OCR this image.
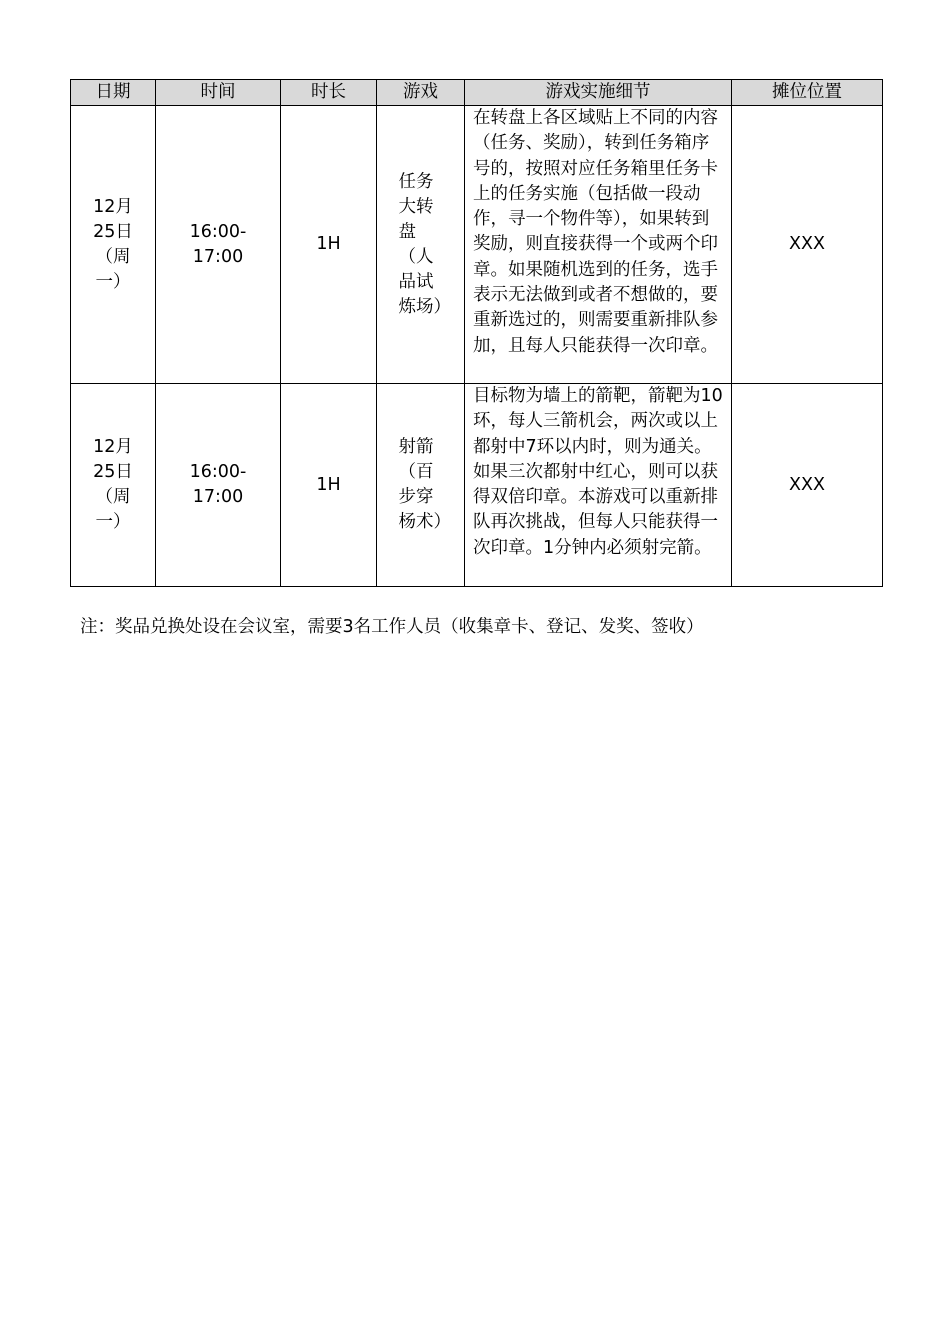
日期	时间	时长	游戏	游戏实施细节	摊位位置
12月25日（周一）	16:00-17:00	1H	任务大转盘（人品试炼场）	在转盘上各区域贴上不同的内容（任务、奖励），转到任务箱序号的，按照对应任务箱里任务卡上的任务实施（包括做一段动作，寻一个物件等），如果转到奖励，则直接获得一个或两个印章。如果随机选到的任务，选手表示无法做到或者不想做的，要重新选过的，则需要重新排队参加，且每人只能获得一次印章。	XXX
12月25日（周一）	16:00-17:00	1H	射箭（百步穿杨术）	目标物为墙上的箭靶，箭靶为10环，每人三箭机会，两次或以上都射中7环以内时，则为通关。如果三次都射中红心，则可以获得双倍印章。本游戏可以重新排队再次挑战，但每人只能获得一次印章。1分钟内必须射完箭。	XXX
注：奖品兑换处设在会议室，需要3名工作人员（收集章卡、登记、发奖、签收）
